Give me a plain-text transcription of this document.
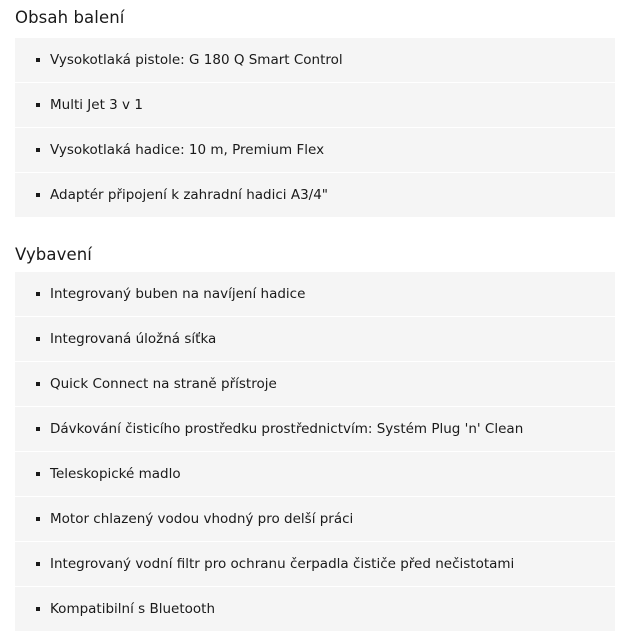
Obsah balení
Vysokotlaká pistole: G 180 Q Smart Control
Multi Jet 3 v 1
Vysokotlaká hadice: 10 m, Premium Flex
Adaptér připojení k zahradní hadici A3/4"
Vybavení
Integrovaný buben na navíjení hadice
Integrovaná úložná síťka
Quick Connect na straně přístroje
Dávkování čisticího prostředku prostřednictvím: Systém Plug 'n' Clean
Teleskopické madlo
Motor chlazený vodou vhodný pro delší práci
Integrovaný vodní filtr pro ochranu čerpadla čističe před nečistotami
Kompatibilní s Bluetooth
